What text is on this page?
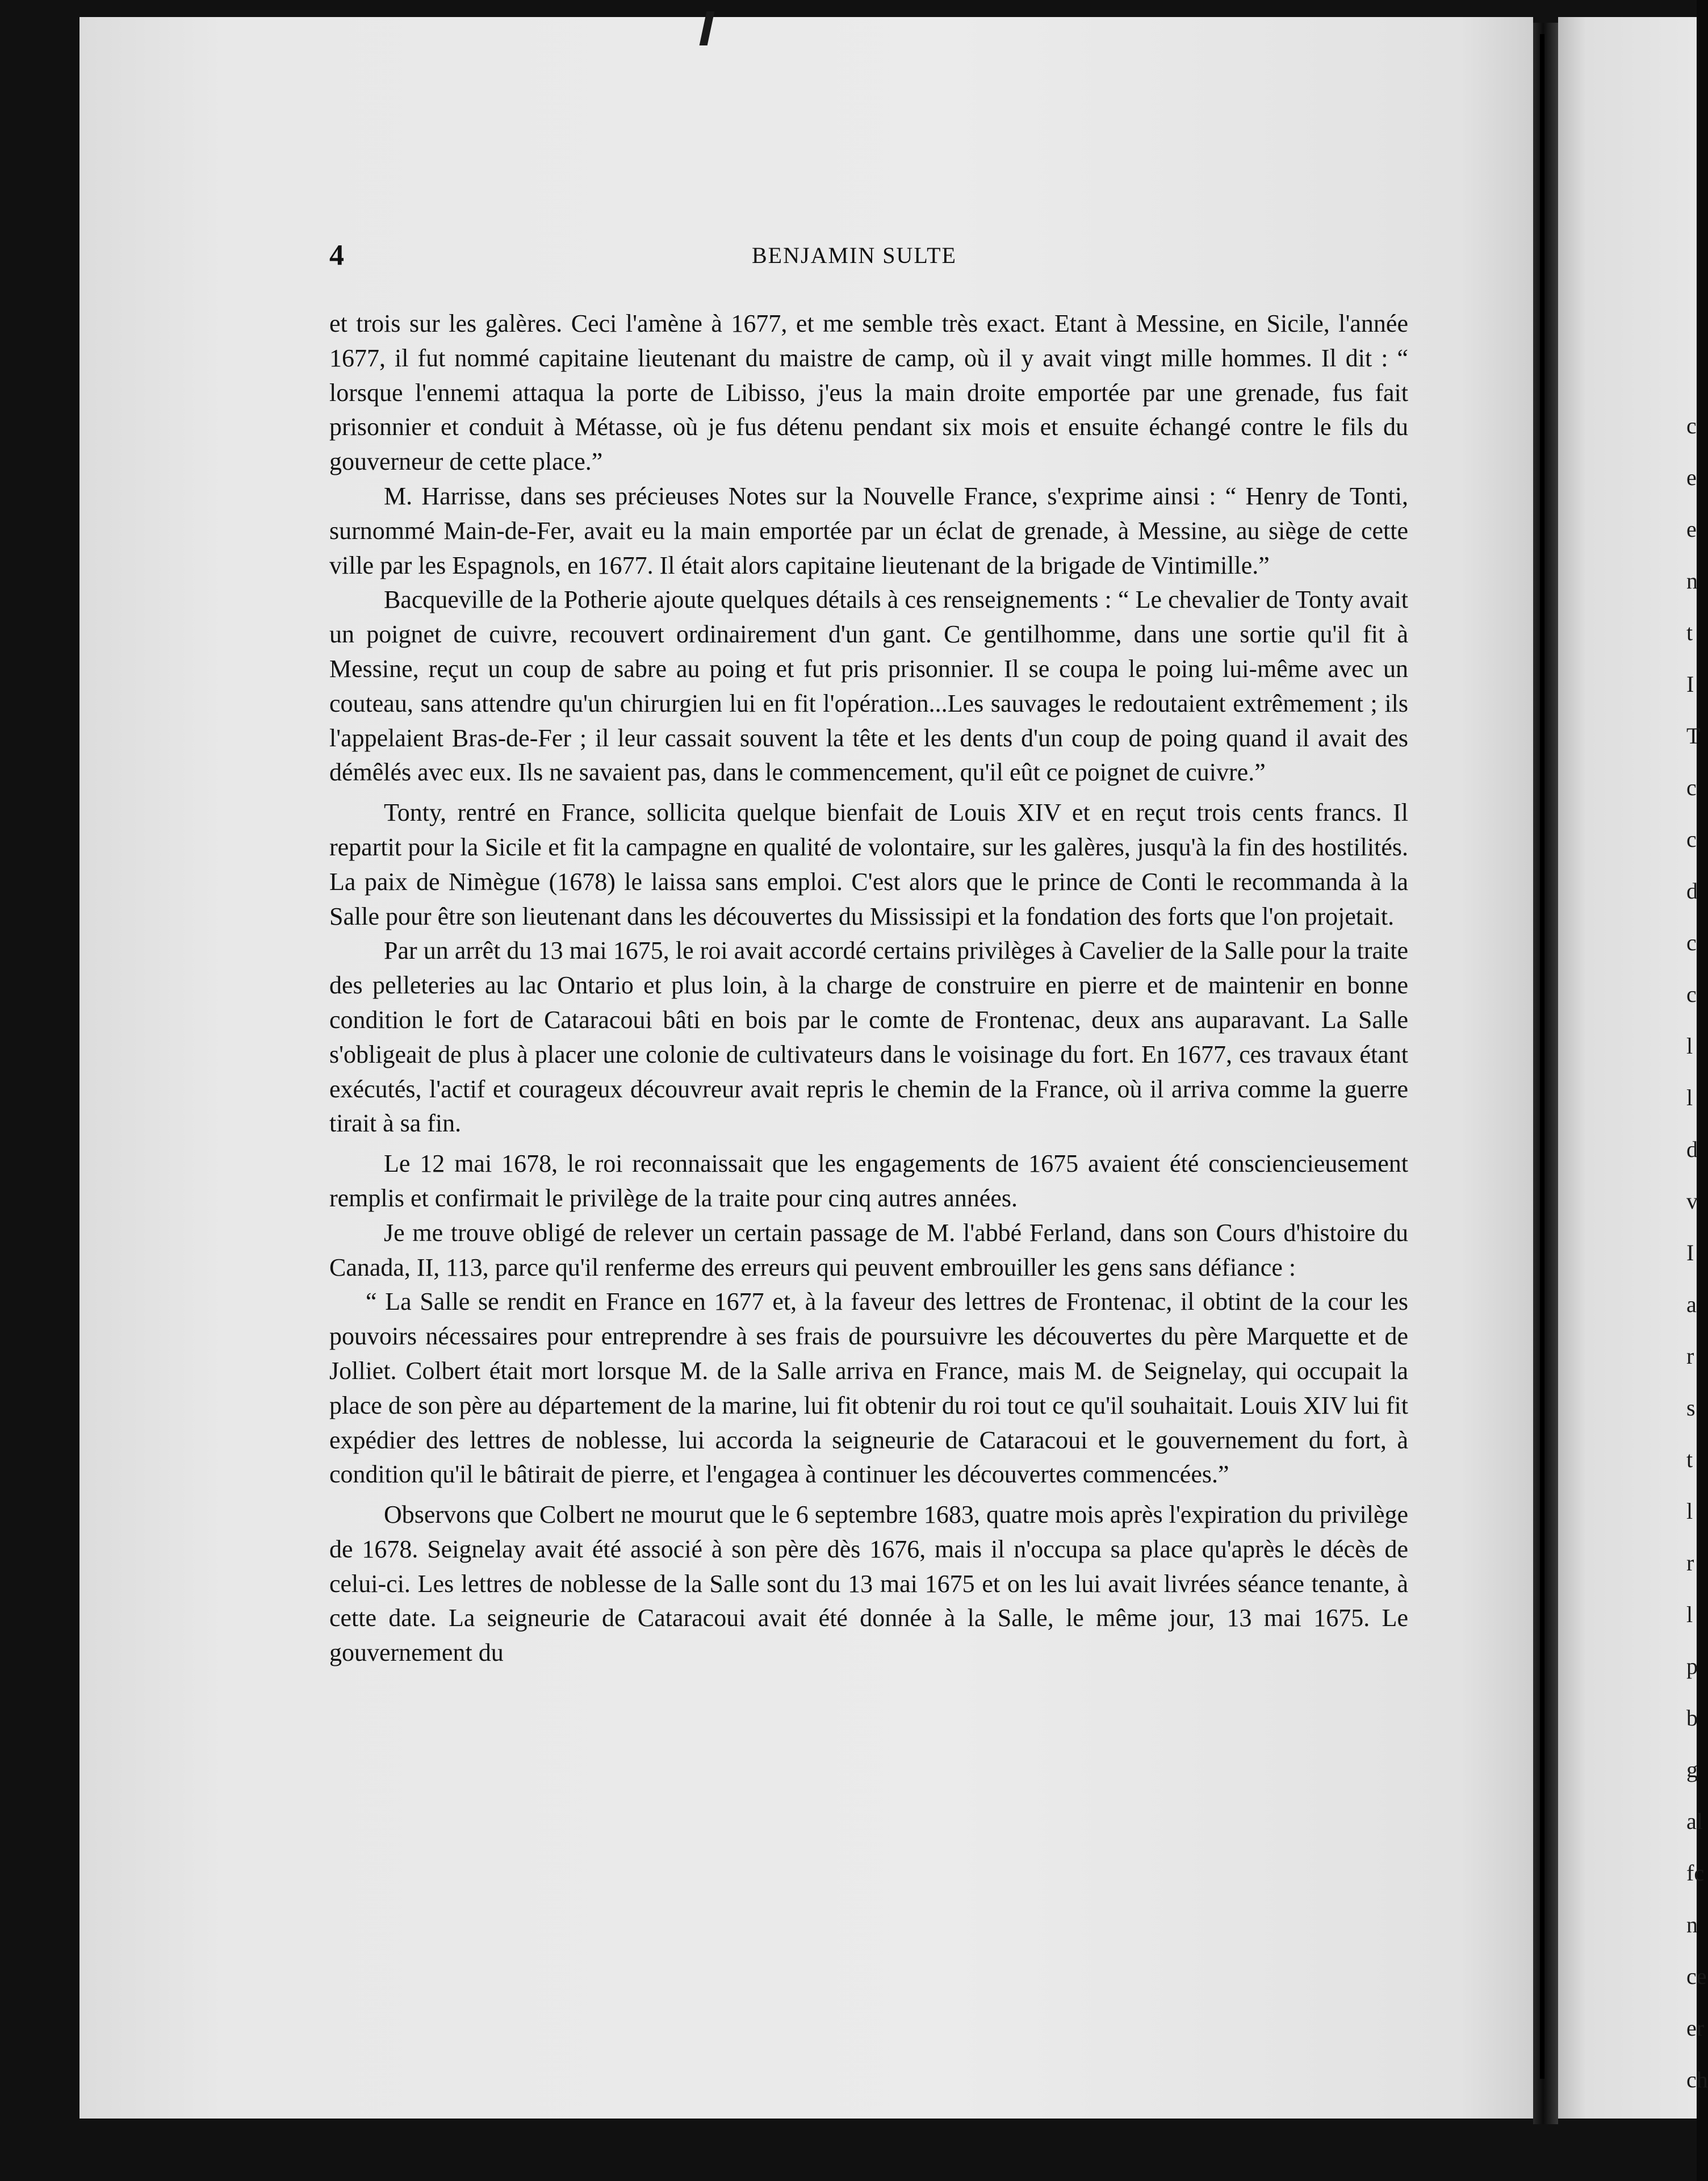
c
e
e
n
t
I
T
c
c
d
c
c
l
l
d
v
I
a
r
s
t
l
r
l
p
b
g
al
fc
n
ce
er
ch
4	BENJAMIN SULTE

et trois sur les galères. Ceci l'amène à 1677, et me semble très exact. Etant à Messine, en Sicile, l'année 1677, il fut nommé capitaine lieutenant du maistre de camp, où il y avait vingt mille hommes. Il dit : “ lorsque l'ennemi attaqua la porte de Libisso, j'eus la main droite emportée par une grenade, fus fait prisonnier et conduit à Métasse, où je fus détenu pendant six mois et ensuite échangé contre le fils du gouverneur de cette place.”

M. Harrisse, dans ses précieuses Notes sur la Nouvelle France, s'exprime ainsi : “ Henry de Tonti, surnommé Main-de-Fer, avait eu la main emportée par un éclat de grenade, à Messine, au siège de cette ville par les Espagnols, en 1677. Il était alors capitaine lieutenant de la brigade de Vintimille.”

Bacqueville de la Potherie ajoute quelques détails à ces renseignements : “ Le chevalier de Tonty avait un poignet de cuivre, recouvert ordinairement d'un gant. Ce gentilhomme, dans une sortie qu'il fit à Messine, reçut un coup de sabre au poing et fut pris prisonnier. Il se coupa le poing lui-même avec un couteau, sans attendre qu'un chirurgien lui en fit l'opération...Les sauvages le redoutaient extrêmement ; ils l'appelaient Bras-de-Fer ; il leur cassait souvent la tête et les dents d'un coup de poing quand il avait des démêlés avec eux. Ils ne savaient pas, dans le commencement, qu'il eût ce poignet de cuivre.”

Tonty, rentré en France, sollicita quelque bienfait de Louis XIV et en reçut trois cents francs. Il repartit pour la Sicile et fit la campagne en qualité de volontaire, sur les galères, jusqu'à la fin des hostilités. La paix de Nimègue (1678) le laissa sans emploi. C'est alors que le prince de Conti le recommanda à la Salle pour être son lieutenant dans les découvertes du Mississipi et la fondation des forts que l'on projetait.

Par un arrêt du 13 mai 1675, le roi avait accordé certains privilèges à Cavelier de la Salle pour la traite des pelleteries au lac Ontario et plus loin, à la charge de construire en pierre et de maintenir en bonne condition le fort de Cataracoui bâti en bois par le comte de Frontenac, deux ans auparavant. La Salle s'obligeait de plus à placer une colonie de cultivateurs dans le voisinage du fort. En 1677, ces travaux étant exécutés, l'actif et courageux découvreur avait repris le chemin de la France, où il arriva comme la guerre tirait à sa fin.

Le 12 mai 1678, le roi reconnaissait que les engagements de 1675 avaient été consciencieusement remplis et confirmait le privilège de la traite pour cinq autres années.

Je me trouve obligé de relever un certain passage de M. l'abbé Ferland, dans son Cours d'histoire du Canada, II, 113, parce qu'il renferme des erreurs qui peuvent embrouiller les gens sans défiance :

“ La Salle se rendit en France en 1677 et, à la faveur des lettres de Frontenac, il obtint de la cour les pouvoirs nécessaires pour entreprendre à ses frais de poursuivre les découvertes du père Marquette et de Jolliet. Colbert était mort lorsque M. de la Salle arriva en France, mais M. de Seignelay, qui occupait la place de son père au département de la marine, lui fit obtenir du roi tout ce qu'il souhaitait. Louis XIV lui fit expédier des lettres de noblesse, lui accorda la seigneurie de Cataracoui et le gouvernement du fort, à condition qu'il le bâtirait de pierre, et l'engagea à continuer les découvertes commencées.”

Observons que Colbert ne mourut que le 6 septembre 1683, quatre mois après l'expiration du privilège de 1678. Seignelay avait été associé à son père dès 1676, mais il n'occupa sa place qu'après le décès de celui-ci. Les lettres de noblesse de la Salle sont du 13 mai 1675 et on les lui avait livrées séance tenante, à cette date. La seigneurie de Cataracoui avait été donnée à la Salle, le même jour, 13 mai 1675. Le gouvernement du
